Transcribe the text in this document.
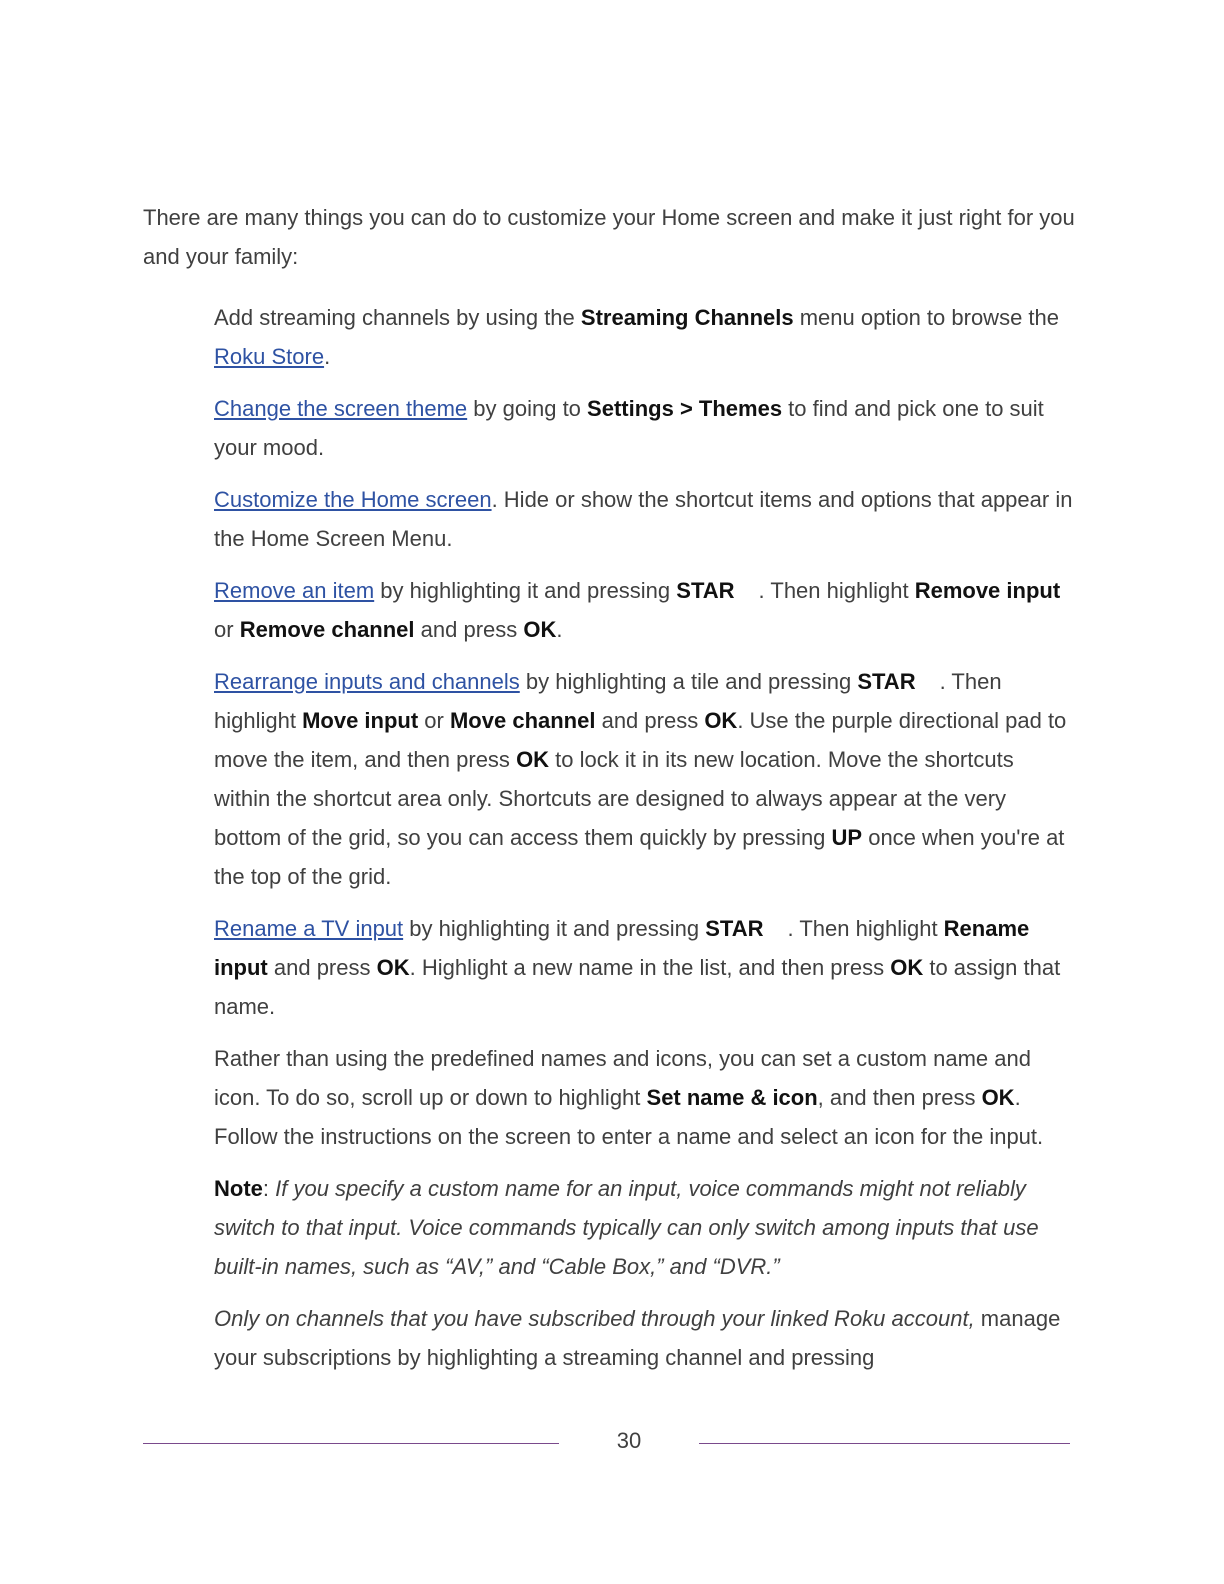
There are many things you can do to customize your Home screen and make it just right for you and your family:

Add streaming channels by using the Streaming Channels menu option to browse the Roku Store.

Change the screen theme by going to Settings > Themes to find and pick one to suit your mood.

Customize the Home screen. Hide or show the shortcut items and options that appear in the Home Screen Menu.

Remove an item by highlighting it and pressing STAR . Then highlight Remove input or Remove channel and press OK.

Rearrange inputs and channels by highlighting a tile and pressing STAR . Then highlight Move input or Move channel and press OK. Use the purple directional pad to move the item, and then press OK to lock it in its new location. Move the shortcuts within the shortcut area only. Shortcuts are designed to always appear at the very bottom of the grid, so you can access them quickly by pressing UP once when you're at the top of the grid.

Rename a TV input by highlighting it and pressing STAR . Then highlight Rename input and press OK. Highlight a new name in the list, and then press OK to assign that name.

Rather than using the predefined names and icons, you can set a custom name and icon. To do so, scroll up or down to highlight Set name & icon, and then press OK. Follow the instructions on the screen to enter a name and select an icon for the input.

Note: If you specify a custom name for an input, voice commands might not reliably switch to that input. Voice commands typically can only switch among inputs that use built-in names, such as “AV,” and “Cable Box,” and “DVR.”

Only on channels that you have subscribed through your linked Roku account, manage your subscriptions by highlighting a streaming channel and pressing

30
